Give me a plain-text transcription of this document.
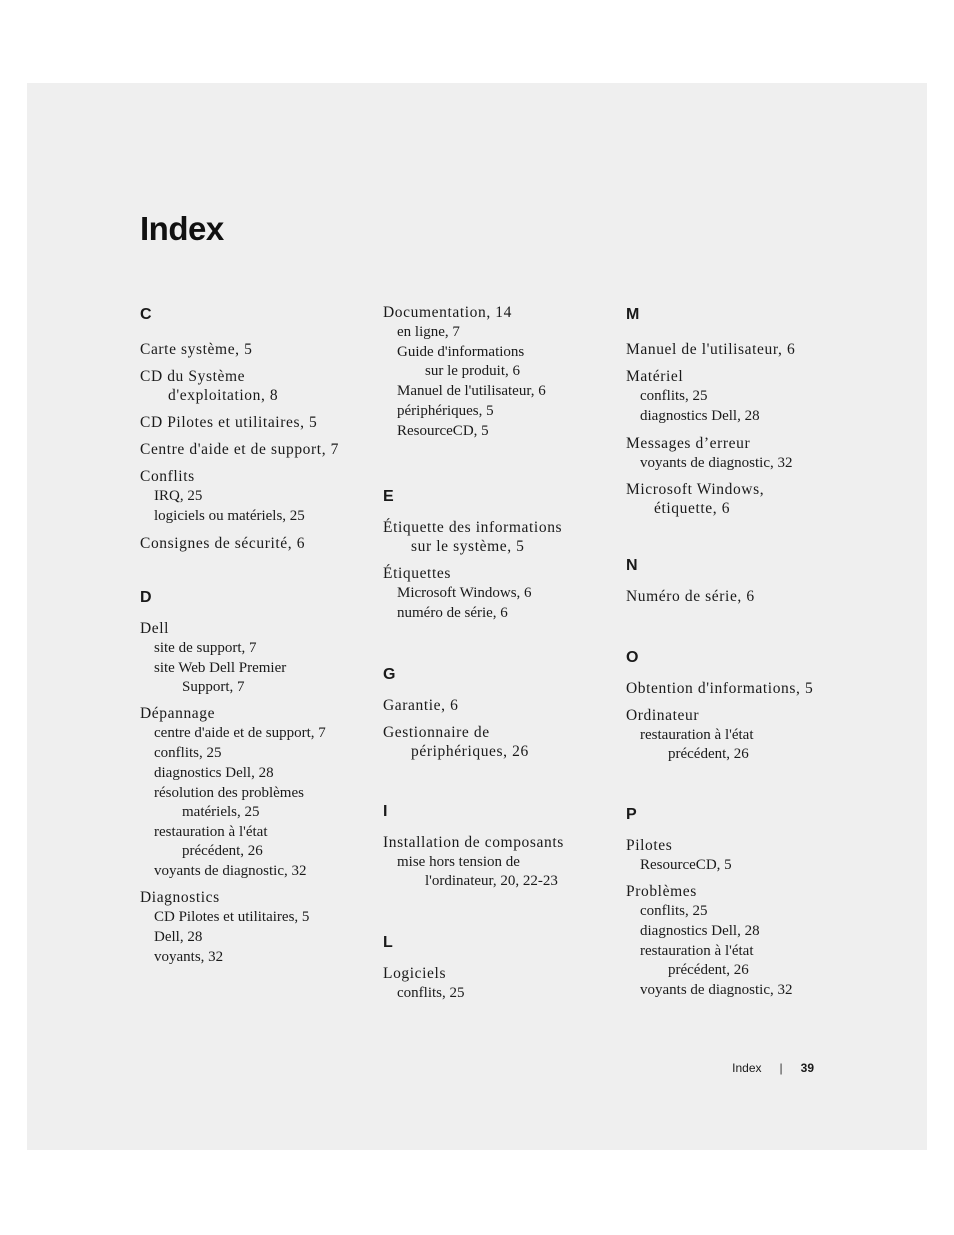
Index
C
Carte système, 5
CD du Système
d'exploitation, 8
CD Pilotes et utilitaires, 5
Centre d'aide et de support, 7
Conflits
IRQ, 25
logiciels ou matériels, 25
Consignes de sécurité, 6
D
Dell
site de support, 7
site Web Dell Premier
Support, 7
Dépannage
centre d'aide et de support, 7
conflits, 25
diagnostics Dell, 28
résolution des problèmes
matériels, 25
restauration à l'état
précédent, 26
voyants de diagnostic, 32
Diagnostics
CD Pilotes et utilitaires, 5
Dell, 28
voyants, 32
Documentation, 14
en ligne, 7
Guide d'informations
sur le produit, 6
Manuel de l'utilisateur, 6
périphériques, 5
ResourceCD, 5
E
Étiquette des informations
sur le système, 5
Étiquettes
Microsoft Windows, 6
numéro de série, 6
G
Garantie, 6
Gestionnaire de
périphériques, 26
I
Installation de composants
mise hors tension de
l'ordinateur, 20, 22-23
L
Logiciels
conflits, 25
M
Manuel de l'utilisateur, 6
Matériel
conflits, 25
diagnostics Dell, 28
Messages d’erreur
voyants de diagnostic, 32
Microsoft Windows,
étiquette, 6
N
Numéro de série, 6
O
Obtention d'informations, 5
Ordinateur
restauration à l'état
précédent, 26
P
Pilotes
ResourceCD, 5
Problèmes
conflits, 25
diagnostics Dell, 28
restauration à l'état
précédent, 26
voyants de diagnostic, 32
Index | 39
